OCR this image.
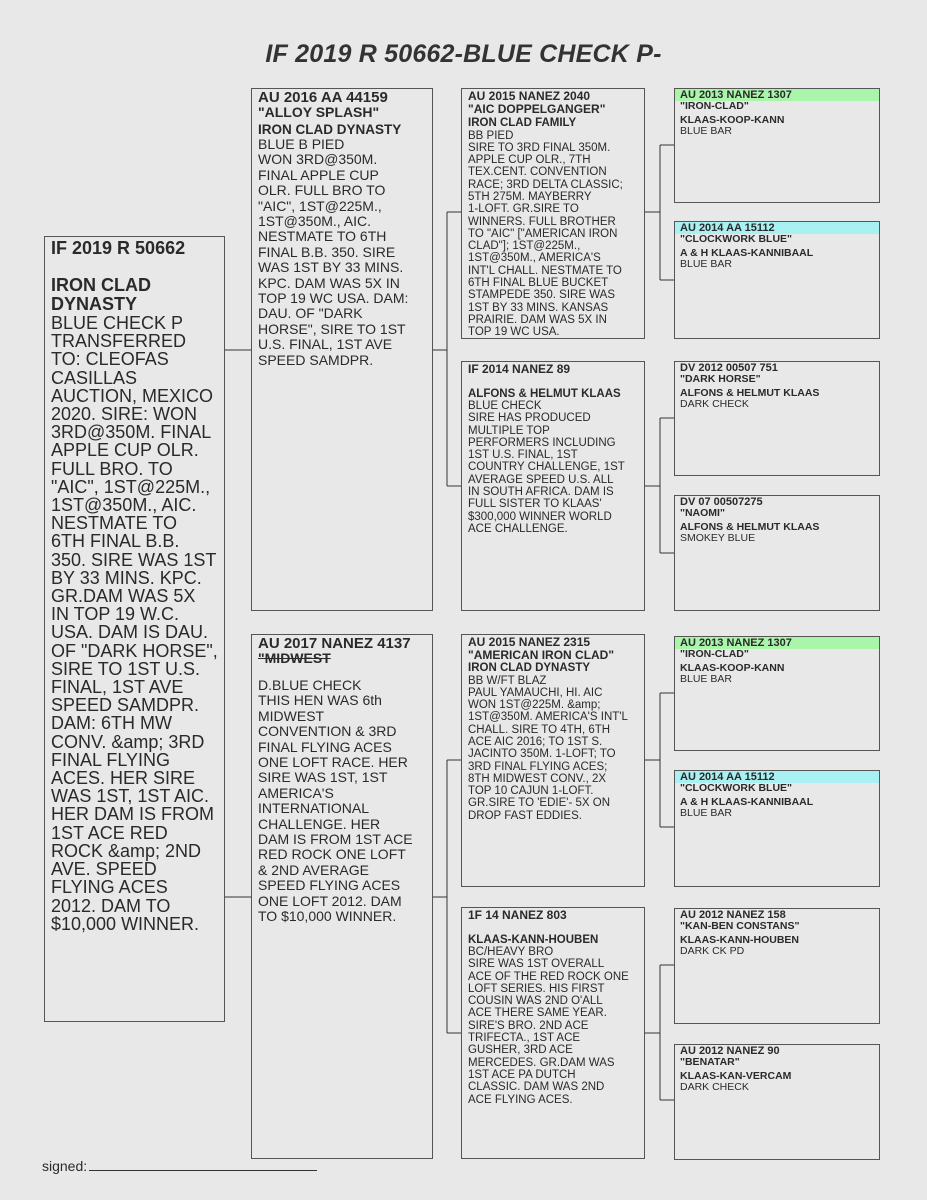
IF 2019 R 50662-BLUE CHECK P-
IF 2019 R 50662
IRON CLAD DYNASTY
BLUE CHECK P
TRANSFERRED
TO: CLEOFAS
CASILLAS
AUCTION, MEXICO
2020. SIRE: WON
3RD@350M. FINAL
APPLE CUP OLR.
FULL BRO. TO
"AIC", 1ST@225M.,
1ST@350M., AIC.
NESTMATE TO
6TH FINAL B.B.
350. SIRE WAS 1ST
BY 33 MINS. KPC.
GR.DAM WAS 5X
IN TOP 19 W.C.
USA. DAM IS DAU.
OF "DARK HORSE",
SIRE TO 1ST U.S.
FINAL, 1ST AVE
SPEED SAMDPR.
DAM: 6TH MW
CONV. &amp; 3RD
FINAL FLYING
ACES. HER SIRE
WAS 1ST, 1ST AIC.
HER DAM IS FROM
1ST ACE RED
ROCK &amp; 2ND
AVE. SPEED
FLYING ACES
2012. DAM TO
$10,000 WINNER.
AU 2016 AA 44159
"ALLOY SPLASH"
IRON CLAD DYNASTY
BLUE B PIED
WON 3RD@350M.
FINAL APPLE CUP
OLR. FULL BRO TO
"AIC", 1ST@225M.,
1ST@350M., AIC.
NESTMATE TO 6TH
FINAL B.B. 350. SIRE
WAS 1ST BY 33 MINS.
KPC. DAM WAS 5X IN
TOP 19 WC USA. DAM:
DAU. OF "DARK
HORSE", SIRE TO 1ST
U.S. FINAL, 1ST AVE
SPEED SAMDPR.
AU 2017 NANEZ 4137
"MIDWEST
D.BLUE CHECK
THIS HEN WAS 6th
MIDWEST
CONVENTION & 3RD
FINAL FLYING ACES
ONE LOFT RACE. HER
SIRE WAS 1ST, 1ST
AMERICA'S
INTERNATIONAL
CHALLENGE. HER
DAM IS FROM 1ST ACE
RED ROCK ONE LOFT
& 2ND AVERAGE
SPEED FLYING ACES
ONE LOFT 2012. DAM
TO $10,000 WINNER.
AU 2015 NANEZ 2040
"AIC DOPPELGANGER"
IRON CLAD FAMILY
BB PIED
SIRE TO 3RD FINAL 350M.
APPLE CUP OLR., 7TH
TEX.CENT. CONVENTION
RACE; 3RD DELTA CLASSIC;
5TH 275M. MAYBERRY
1-LOFT. GR.SIRE TO
WINNERS. FULL BROTHER
TO "AIC" ["AMERICAN IRON
CLAD"]; 1ST@225M.,
1ST@350M., AMERICA'S
INT'L CHALL. NESTMATE TO
6TH FINAL BLUE BUCKET
STAMPEDE 350. SIRE WAS
1ST BY 33 MINS. KANSAS
PRAIRIE. DAM WAS 5X IN
TOP 19 WC USA.
IF 2014 NANEZ 89
ALFONS & HELMUT KLAAS
BLUE CHECK
SIRE HAS PRODUCED
MULTIPLE TOP
PERFORMERS INCLUDING
1ST U.S. FINAL, 1ST
COUNTRY CHALLENGE, 1ST
AVERAGE SPEED U.S. ALL
IN SOUTH AFRICA. DAM IS
FULL SISTER TO KLAAS'
$300,000 WINNER WORLD
ACE CHALLENGE.
AU 2015 NANEZ 2315
"AMERICAN IRON CLAD"
IRON CLAD DYNASTY
BB W/FT BLAZ
PAUL YAMAUCHI, HI. AIC
WON 1ST@225M. &amp;
1ST@350M. AMERICA'S INT'L
CHALL. SIRE TO 4TH, 6TH
ACE AIC 2016; TO 1ST S.
JACINTO 350M. 1-LOFT; TO
3RD FINAL FLYING ACES;
8TH MIDWEST CONV., 2X
TOP 10 CAJUN 1-LOFT.
GR.SIRE TO 'EDIE'- 5X ON
DROP FAST EDDIES.
1F 14 NANEZ 803
KLAAS-KANN-HOUBEN
BC/HEAVY BRO
SIRE WAS 1ST OVERALL
ACE OF THE RED ROCK ONE
LOFT SERIES. HIS FIRST
COUSIN WAS 2ND O'ALL
ACE THERE SAME YEAR.
SIRE'S BRO. 2ND ACE
TRIFECTA., 1ST ACE
GUSHER, 3RD ACE
MERCEDES. GR.DAM WAS
1ST ACE PA DUTCH
CLASSIC. DAM WAS 2ND
ACE FLYING ACES.
AU 2013 NANEZ 1307
"IRON-CLAD"
KLAAS-KOOP-KANN
BLUE BAR
AU 2014 AA 15112
"CLOCKWORK BLUE"
A & H KLAAS-KANNIBAAL
BLUE BAR
DV 2012 00507 751
"DARK HORSE"
ALFONS & HELMUT KLAAS
DARK CHECK
DV 07 00507275
"NAOMI"
ALFONS & HELMUT KLAAS
SMOKEY BLUE
AU 2013 NANEZ 1307
"IRON-CLAD"
KLAAS-KOOP-KANN
BLUE BAR
AU 2014 AA 15112
"CLOCKWORK BLUE"
A & H KLAAS-KANNIBAAL
BLUE BAR
AU 2012 NANEZ 158
"KAN-BEN CONSTANS"
KLAAS-KANN-HOUBEN
DARK CK PD
AU 2012 NANEZ 90
"BENATAR"
KLAAS-KAN-VERCAM
DARK CHECK
signed:
